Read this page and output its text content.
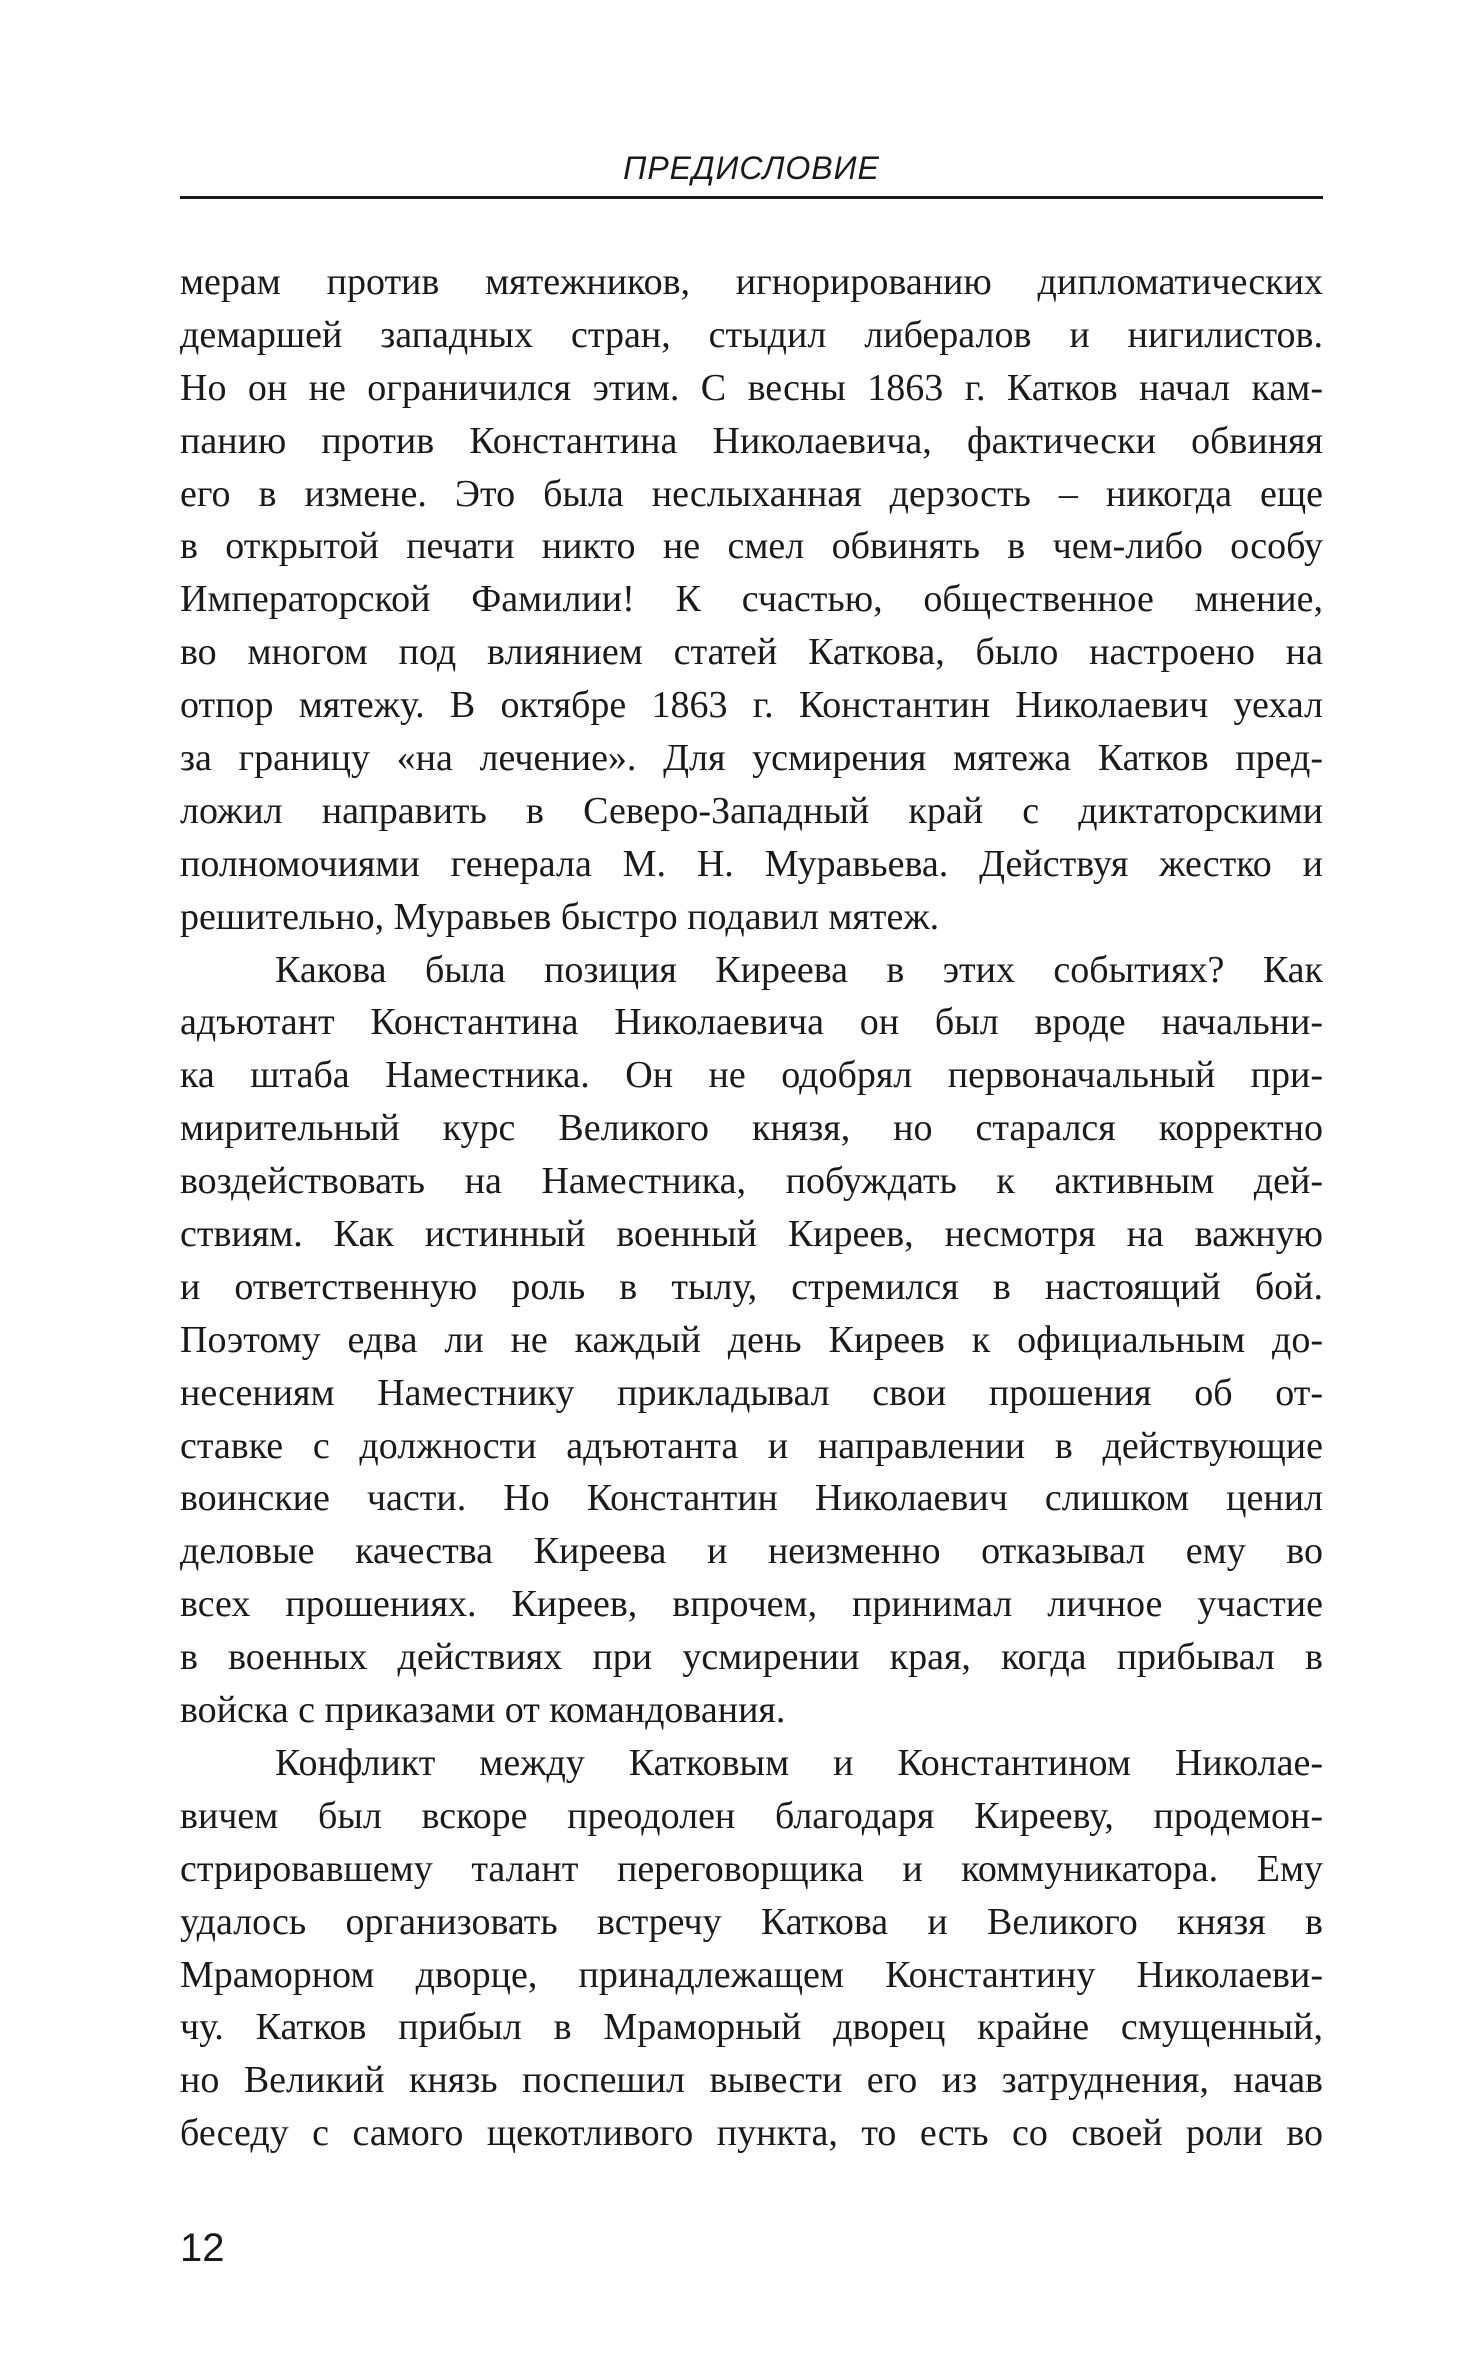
ПРЕДИСЛОВИЕ
мерам против мятежников, игнорированию дипломатических
демаршей западных стран, стыдил либералов и нигилистов.
Но он не ограничился этим. С весны 1863 г. Катков начал кам-
панию против Константина Николаевича, фактически обвиняя
его в измене. Это была неслыханная дерзость – никогда еще
в открытой печати никто не смел обвинять в чем-либо особу
Императорской Фамилии! К счастью, общественное мнение,
во многом под влиянием статей Каткова, было настроено на
отпор мятежу. В октябре 1863 г. Константин Николаевич уехал
за границу «на лечение». Для усмирения мятежа Катков пред-
ложил направить в Северо-Западный край с диктаторскими
полномочиями генерала М. Н. Муравьева. Действуя жестко и
решительно, Муравьев быстро подавил мятеж.
Какова была позиция Киреева в этих событиях? Как
адъютант Константина Николаевича он был вроде начальни-
ка штаба Наместника. Он не одобрял первоначальный при-
мирительный курс Великого князя, но старался корректно
воздействовать на Наместника, побуждать к активным дей-
ствиям. Как истинный военный Киреев, несмотря на важную
и ответственную роль в тылу, стремился в настоящий бой.
Поэтому едва ли не каждый день Киреев к официальным до-
несениям Наместнику прикладывал свои прошения об от-
ставке с должности адъютанта и направлении в действующие
воинские части. Но Константин Николаевич слишком ценил
деловые качества Киреева и неизменно отказывал ему во
всех прошениях. Киреев, впрочем, принимал личное участие
в военных действиях при усмирении края, когда прибывал в
войска с приказами от командования.
Конфликт между Катковым и Константином Николае-
вичем был вскоре преодолен благодаря Кирееву, продемон-
стрировавшему талант переговорщика и коммуникатора. Ему
удалось организовать встречу Каткова и Великого князя в
Мраморном дворце, принадлежащем Константину Николаеви-
чу. Катков прибыл в Мраморный дворец крайне смущенный,
но Великий князь поспешил вывести его из затруднения, начав
беседу с самого щекотливого пункта, то есть со своей роли во
12
